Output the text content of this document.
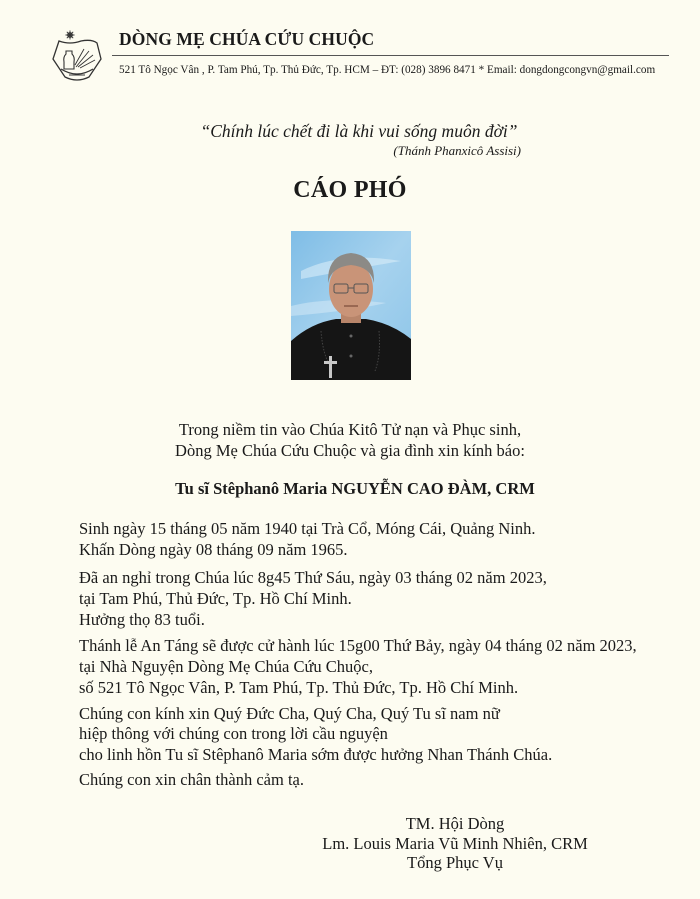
DÒNG MẸ CHÚA CỨU CHUỘC
521 Tô Ngọc Vân , P. Tam Phú, Tp. Thủ Đức, Tp. HCM – ĐT: (028) 3896 8471 * Email: dongdongcongvn@gmail.com
“Chính lúc chết đi là khi vui sống muôn đời”
(Thánh Phanxicô Assisi)
CÁO PHÓ
Trong niềm tin vào Chúa Kitô Tử nạn và Phục sinh,
Dòng Mẹ Chúa Cứu Chuộc và gia đình xin kính báo:
Tu sĩ Stêphanô Maria NGUYỄN CAO ĐÀM, CRM
Sinh ngày 15 tháng 05 năm 1940 tại Trà Cổ, Móng Cái, Quảng Ninh.
Khấn Dòng ngày 08 tháng 09 năm 1965.
Đã an nghỉ trong Chúa lúc 8g45 Thứ Sáu, ngày 03 tháng 02 năm 2023,
tại Tam Phú, Thủ Đức, Tp. Hồ Chí Minh.
Hưởng thọ 83 tuổi.
Thánh lễ An Táng sẽ được cử hành lúc 15g00 Thứ Bảy, ngày 04 tháng 02 năm 2023,
tại Nhà Nguyện Dòng Mẹ Chúa Cứu Chuộc,
số 521 Tô Ngọc Vân, P. Tam Phú, Tp. Thủ Đức, Tp. Hồ Chí Minh.
Chúng con kính xin Quý Đức Cha, Quý Cha, Quý Tu sĩ nam nữ
hiệp thông với chúng con trong lời cầu nguyện
cho linh hồn Tu sĩ Stêphanô Maria sớm được hưởng Nhan Thánh Chúa.
Chúng con xin chân thành cảm tạ.
TM. Hội Dòng
Lm. Louis Maria Vũ Minh Nhiên, CRM
Tổng Phục Vụ
